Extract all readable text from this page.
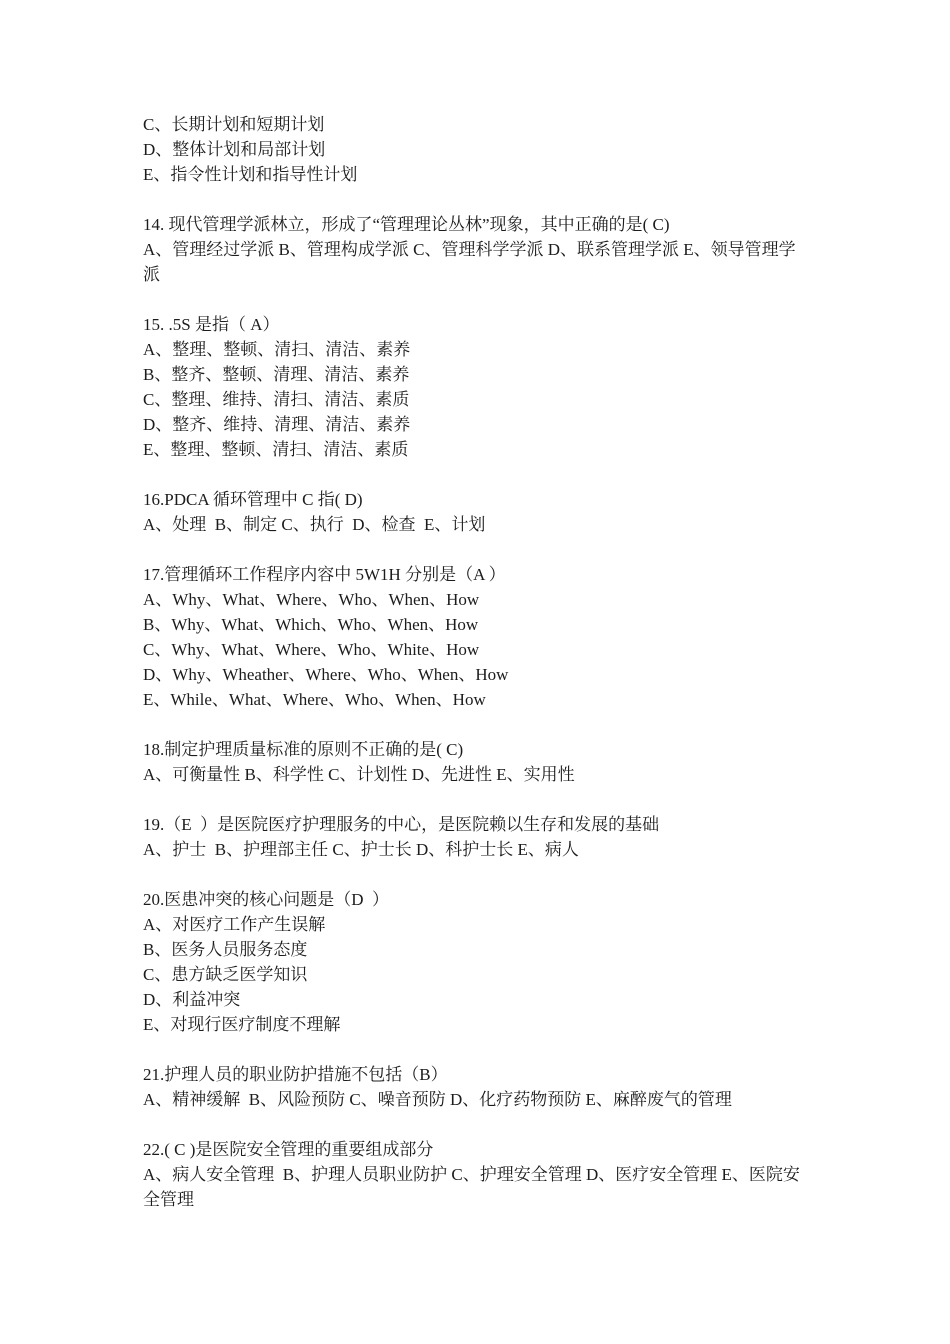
C、长期计划和短期计划

D、整体计划和局部计划

E、指令性计划和指导性计划

14. 现代管理学派林立，形成了“管理理论丛林”现象，其中正确的是( C)

A、管理经过学派 B、管理构成学派 C、管理科学学派 D、联系管理学派 E、领导管理学派

15. .5S 是指（ A）

A、整理、整顿、清扫、清洁、素养

B、整齐、整顿、清理、清洁、素养

C、整理、维持、清扫、清洁、素质

D、整齐、维持、清理、清洁、素养

E、整理、整顿、清扫、清洁、素质

16.PDCA 循环管理中 C 指( D)

A、处理  B、制定 C、执行  D、检查  E、计划

17.管理循环工作程序内容中 5W1H 分别是（A ）

A、Why、What、Where、Who、When、How

B、Why、What、Which、Who、When、How

C、Why、What、Where、Who、White、How

D、Why、Wheather、Where、Who、When、How

E、While、What、Where、Who、When、How

18.制定护理质量标准的原则不正确的是( C)

A、可衡量性 B、科学性 C、计划性 D、先进性 E、实用性

19.（E  ）是医院医疗护理服务的中心，是医院赖以生存和发展的基础

A、护士  B、护理部主任 C、护士长 D、科护士长 E、病人

20.医患冲突的核心问题是（D  ）

A、对医疗工作产生误解

B、医务人员服务态度

C、患方缺乏医学知识

D、利益冲突

E、对现行医疗制度不理解

21.护理人员的职业防护措施不包括（B）

A、精神缓解  B、风险预防 C、噪音预防 D、化疗药物预防 E、麻醉废气的管理

22.( C )是医院安全管理的重要组成部分

A、病人安全管理  B、护理人员职业防护 C、护理安全管理 D、医疗安全管理 E、医院安全管理
